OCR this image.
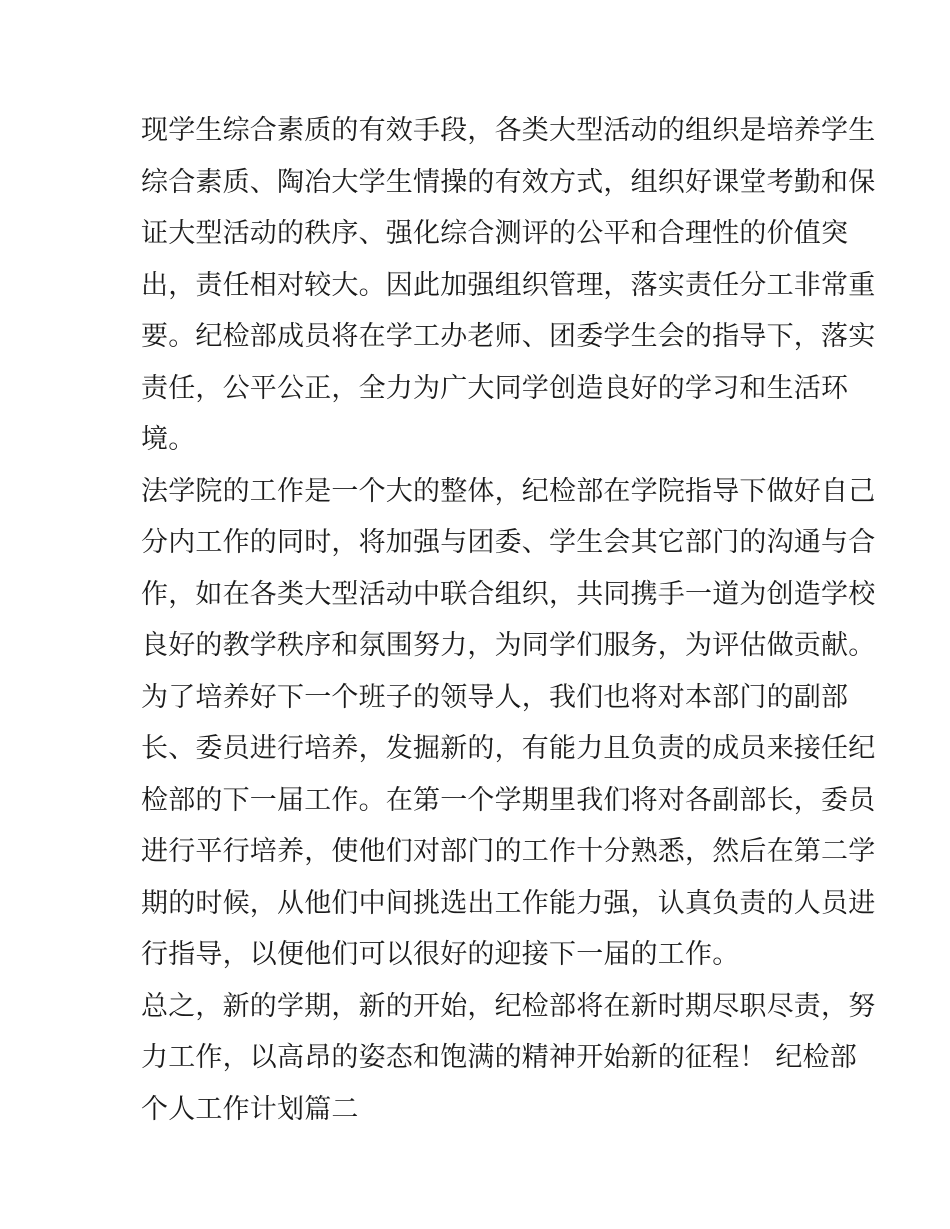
现学生综合素质的有效手段，各类大型活动的组织是培养学生
综合素质、陶冶大学生情操的有效方式，组织好课堂考勤和保
证大型活动的秩序、强化综合测评的公平和合理性的价值突
出，责任相对较大。因此加强组织管理，落实责任分工非常重
要。纪检部成员将在学工办老师、团委学生会的指导下，落实
责任，公平公正，全力为广大同学创造良好的学习和生活环
境。
法学院的工作是一个大的整体，纪检部在学院指导下做好自己
分内工作的同时，将加强与团委、学生会其它部门的沟通与合
作，如在各类大型活动中联合组织，共同携手一道为创造学校
良好的教学秩序和氛围努力，为同学们服务，为评估做贡献。
为了培养好下一个班子的领导人，我们也将对本部门的副部
长、委员进行培养，发掘新的，有能力且负责的成员来接任纪
检部的下一届工作。在第一个学期里我们将对各副部长，委员
进行平行培养，使他们对部门的工作十分熟悉，然后在第二学
期的时候，从他们中间挑选出工作能力强，认真负责的人员进
行指导，以便他们可以很好的迎接下一届的工作。
总之，新的学期，新的开始，纪检部将在新时期尽职尽责，努
力工作，以高昂的姿态和饱满的精神开始新的征程！ 纪检部
个人工作计划篇二
